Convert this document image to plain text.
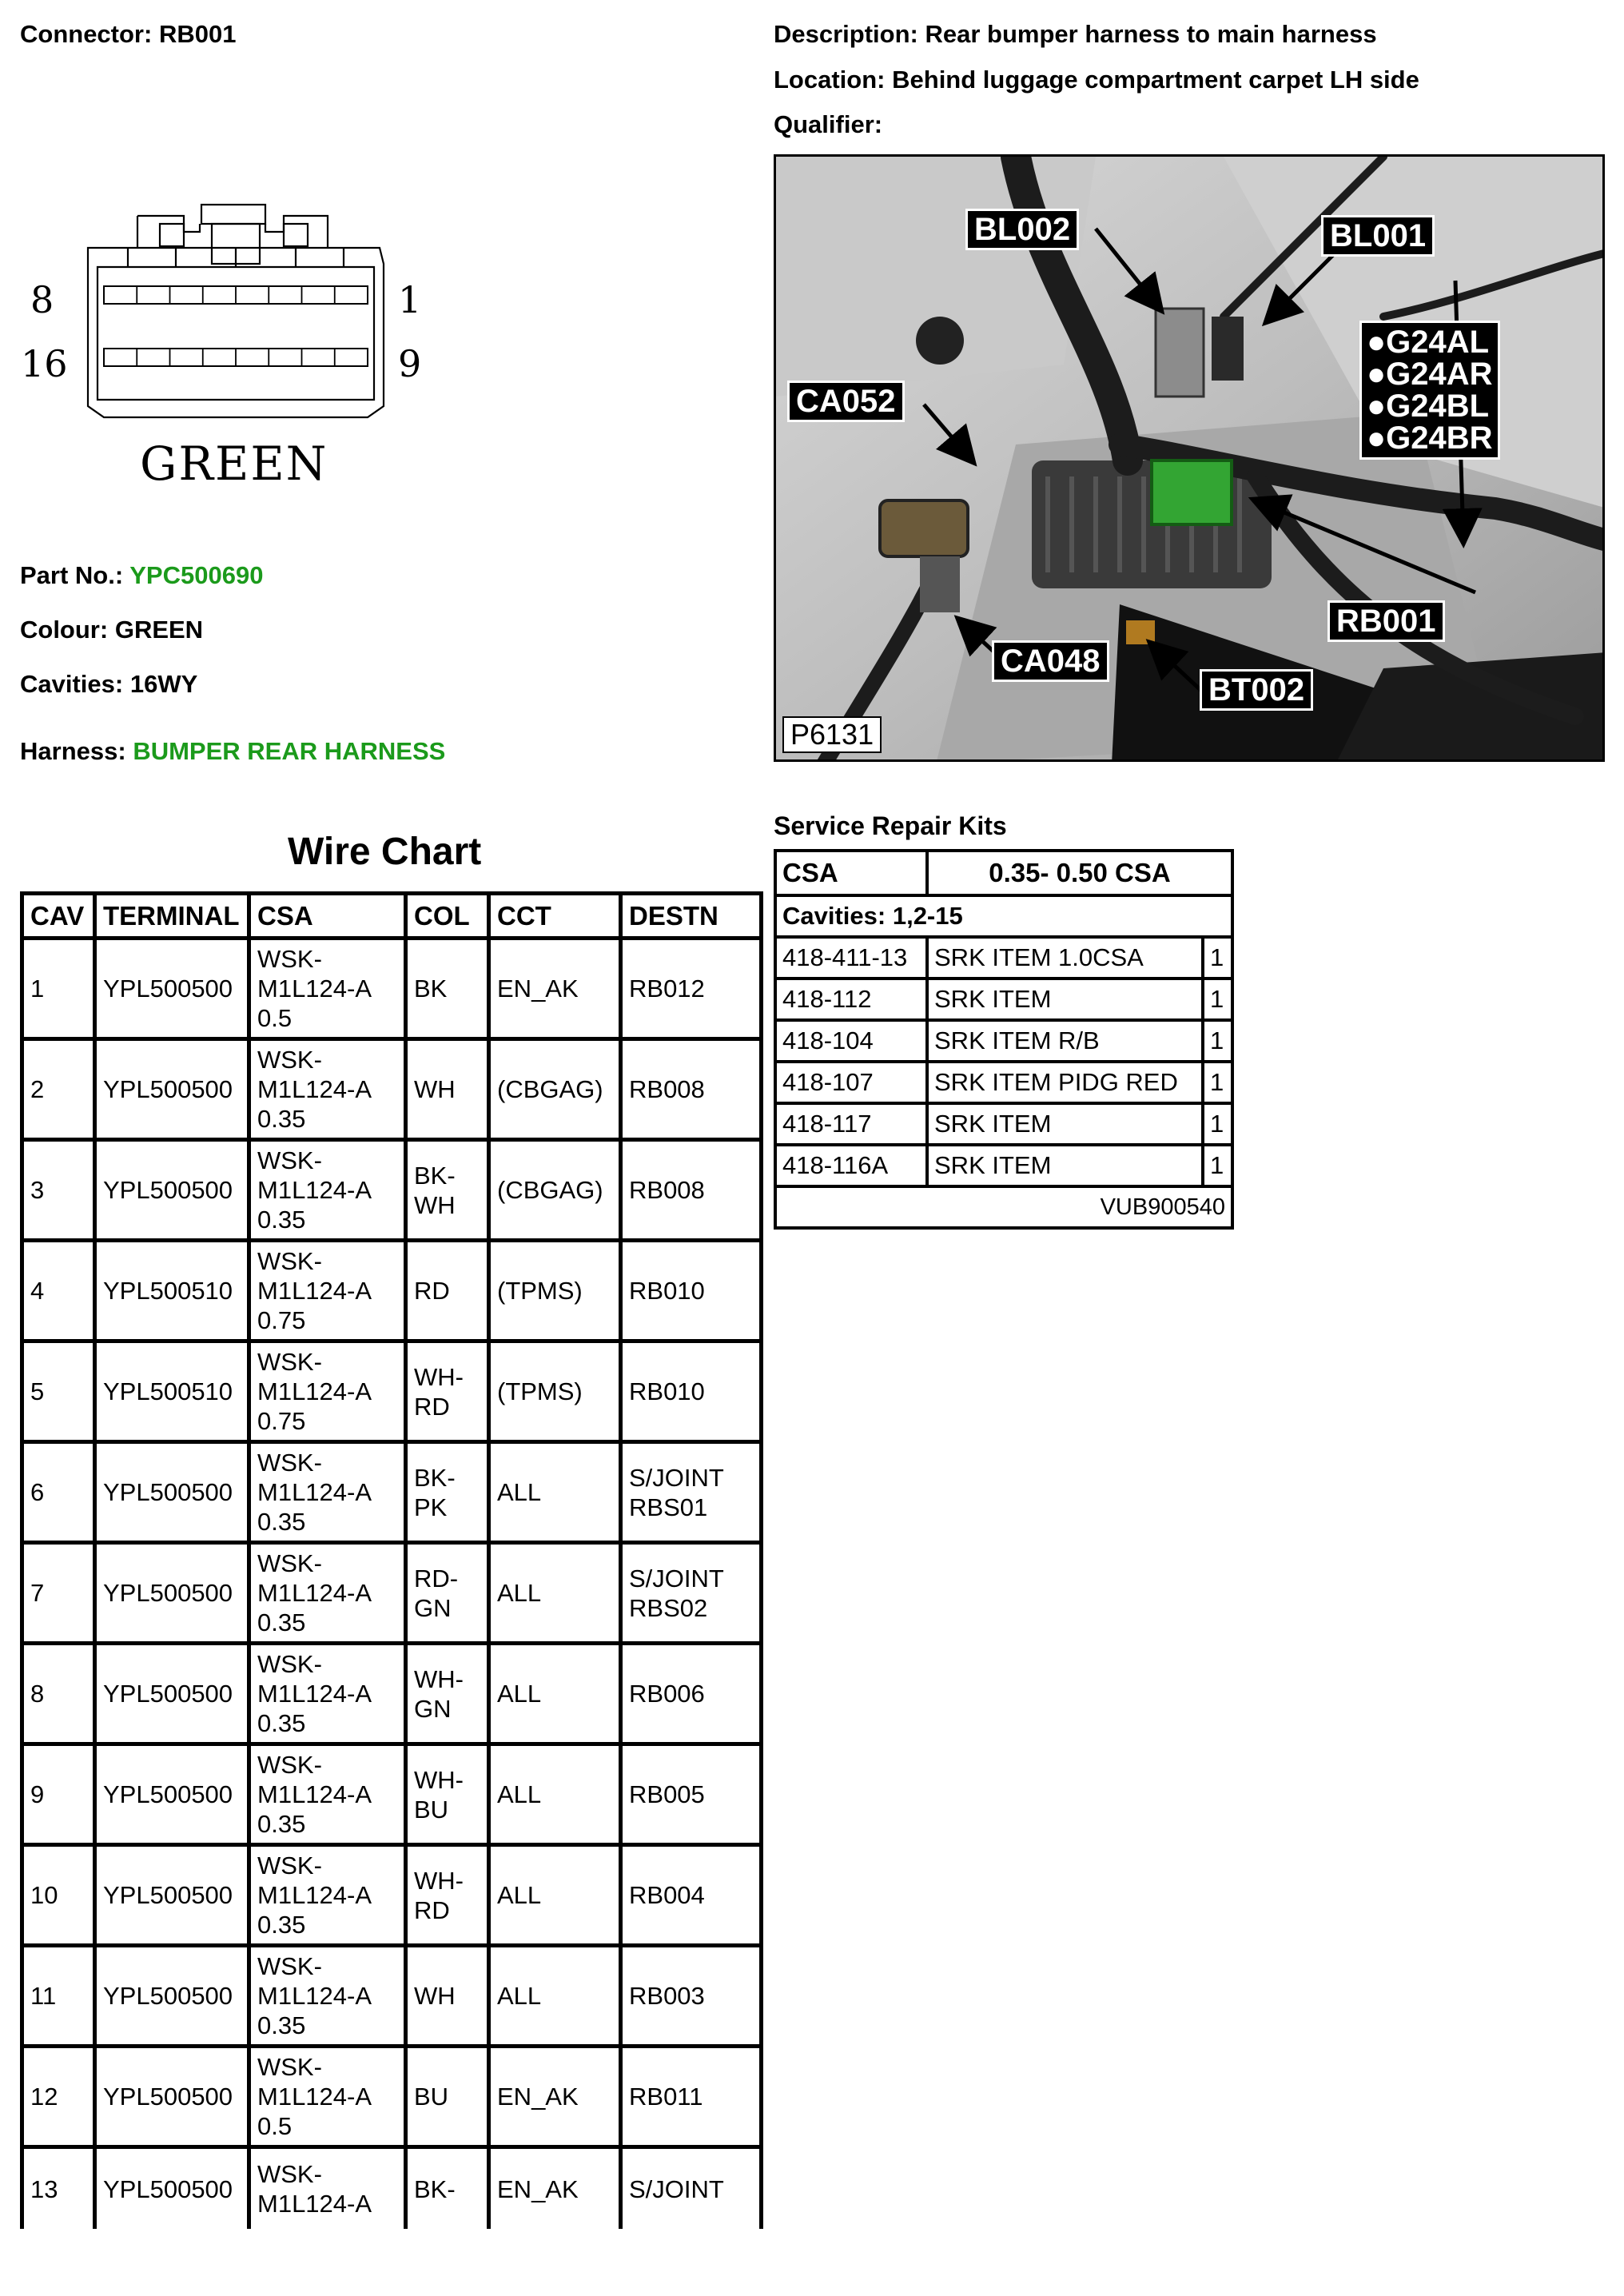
Connector: RB001
8	1
16	9
GREEN
Part No.: YPC500690
Colour: GREEN
Cavities: 16WY
Harness: BUMPER REAR HARNESS
Description: Rear bumper harness to main harness
Location: Behind luggage compartment carpet LH side
Qualifier:
BL002	BL001
CA052
CA048
BT002
RB001
●G24AL
●G24AR
●G24BL
●G24BR
P6131
Wire Chart
CAV	TERMINAL	CSA	COL	CCT	DESTN
1	YPL500500	WSK-
M1L124-A
0.5	BK	EN_AK	RB012
2	YPL500500	WSK-
M1L124-A
0.35	WH	(CBGAG)	RB008
3	YPL500500	WSK-
M1L124-A
0.35	BK-
WH	(CBGAG)	RB008
4	YPL500510	WSK-
M1L124-A
0.75	RD	(TPMS)	RB010
5	YPL500510	WSK-
M1L124-A
0.75	WH-
RD	(TPMS)	RB010
6	YPL500500	WSK-
M1L124-A
0.35	BK-
PK	ALL	S/JOINT
RBS01
7	YPL500500	WSK-
M1L124-A
0.35	RD-
GN	ALL	S/JOINT
RBS02
8	YPL500500	WSK-
M1L124-A
0.35	WH-
GN	ALL	RB006
9	YPL500500	WSK-
M1L124-A
0.35	WH-
BU	ALL	RB005
10	YPL500500	WSK-
M1L124-A
0.35	WH-
RD	ALL	RB004
11	YPL500500	WSK-
M1L124-A
0.35	WH	ALL	RB003
12	YPL500500	WSK-
M1L124-A
0.5	BU	EN_AK	RB011
13	YPL500500	WSK-
M1L124-A	BK-	EN_AK	S/JOINT
Service Repair Kits
CSA	0.35- 0.50 CSA	
Cavities: 1,2-15		
418-411-13	SRK ITEM 1.0CSA	1
418-112	SRK ITEM	1
418-104	SRK ITEM R/B	1
418-107	SRK ITEM PIDG RED	1
418-117	SRK ITEM	1
418-116A	SRK ITEM	1
VUB900540		
